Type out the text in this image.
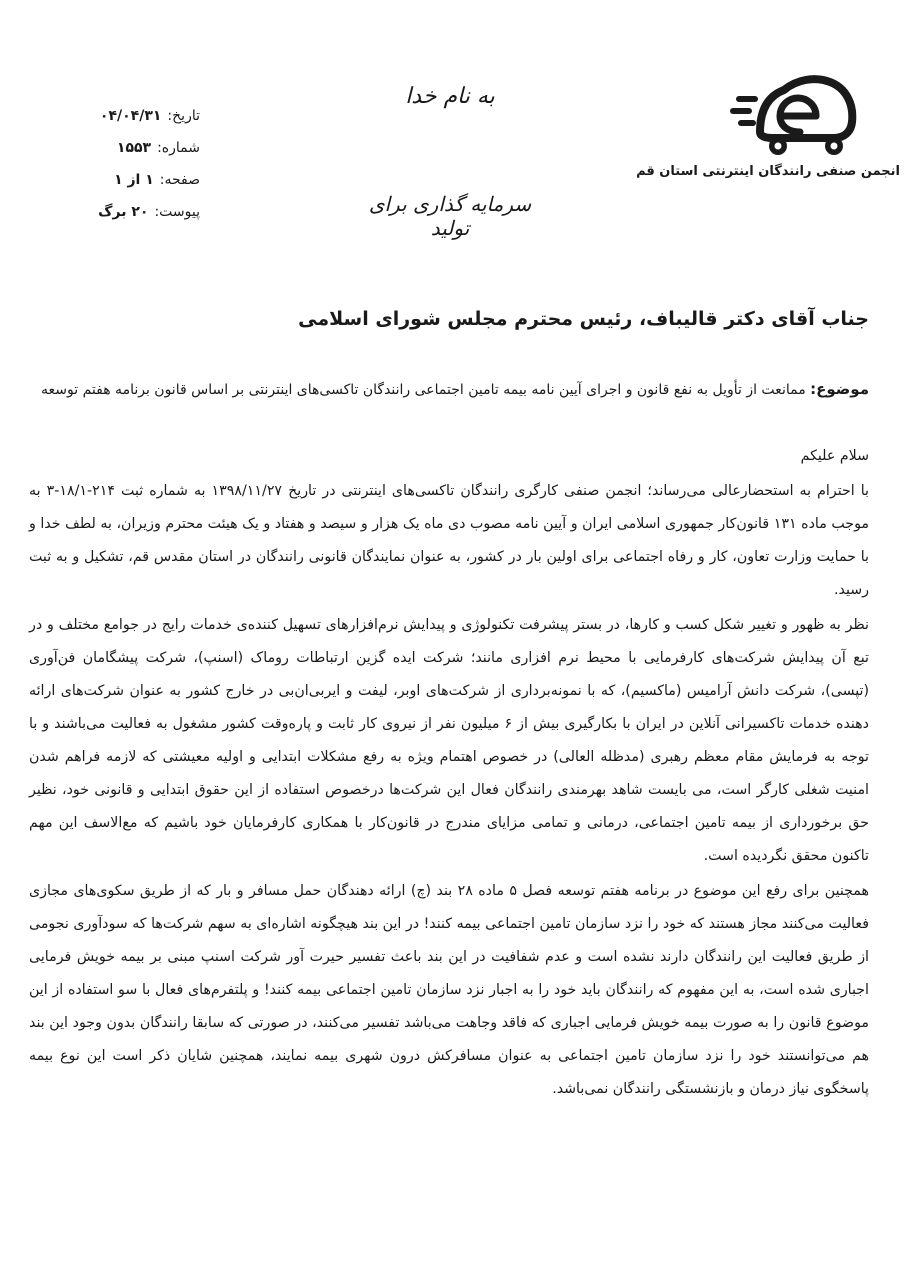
انجمن صنفی رانندگان اینترنتی استان قم
به نام خدا
سرمایه گذاری برای تولید
تاریخ:
۰۴/۰۴/۳۱
شماره:
۱۵۵۳
صفحه:
۱ از ۱
پیوست:
۲۰ برگ
جناب آقای دکتر قالیباف، رئیس محترم مجلس شورای اسلامی
موضوع: ممانعت از تأویل به نفع قانون و اجرای آیین نامه بیمه تامین اجتماعی رانندگان تاکسی‌های اینترنتی بر اساس قانون برنامه هفتم توسعه

سلام علیکم

با احترام به استحضارعالی می‌رساند؛ انجمن صنفی کارگری رانندگان تاکسی‌های اینترنتی در تاریخ ۱۳۹۸/۱۱/۲۷ به شماره ثبت ۲۱۴-۱۸/۱-۳ به موجب ماده ۱۳۱ قانون‌کار جمهوری اسلامی ایران و آیین نامه مصوب دی ماه یک هزار و سیصد و هفتاد و یک هیئت محترم وزیران، به لطف خدا و با حمایت وزارت تعاون، کار و رفاه اجتماعی برای اولین بار در کشور، به عنوان نمایندگان قانونی رانندگان در استان مقدس قم، تشکیل و به ثبت رسید.

نظر به ظهور و تغییر شکل کسب و کارها، در بستر پیشرفت تکنولوژی و پیدایش نرم‌افزارهای تسهیل کننده‌ی خدمات رایج در جوامع مختلف و در تبع آن پیدایش شرکت‌های کارفرمایی با محیط نرم افزاری مانند؛ شرکت ایده گزین ارتباطات روماک (اسنپ)، شرکت پیشگامان فن‌آوری (تپسی)، شرکت دانش آرامیس (ماکسیم)، که با نمونه‌برداری از شرکت‌های اوبر، لیفت و ایربی‌ان‌بی در خارج کشور به عنوان شرکت‌های ارائه دهنده خدمات تاکسیرانی آنلاین در ایران با بکارگیری بیش از ۶ میلیون نفر از نیروی کار ثابت و پاره‌وقت کشور مشغول به فعالیت می‌باشند و با توجه به فرمایش مقام معظم رهبری (مدظله العالی) در خصوص اهتمام ویژه به رفع مشکلات ابتدایی و اولیه معیشتی که لازمه فراهم شدن امنیت شغلی کارگر است، می بایست شاهد بهرمندی رانندگان فعال این شرکت‌ها درخصوص استفاده از این حقوق ابتدایی و قانونی خود، نظیر حق برخورداری از بیمه تامین اجتماعی، درمانی و تمامی مزایای مندرج در قانون‌کار با همکاری کارفرمایان خود باشیم که مع‌الاسف این مهم تاکنون محقق نگردیده است.

همچنین برای رفع این موضوع در برنامه هفتم توسعه فصل ۵ ماده ۲۸ بند (چ) ارائه دهندگان حمل مسافر و بار که از طریق سکوی‌های مجازی فعالیت می‌کنند مجاز هستند که خود را نزد سازمان تامین اجتماعی بیمه کنند! در این بند هیچگونه اشاره‌ای به سهم شرکت‌ها که سودآوری نجومی از طریق فعالیت این رانندگان دارند نشده است و عدم شفافیت در این بند باعث تفسیر حیرت آور شرکت اسنپ مبنی بر بیمه خویش فرمایی اجباری شده است، به این مفهوم که رانندگان باید خود را به اجبار نزد سازمان تامین اجتماعی بیمه کنند! و پلتفرم‌های فعال با سو استفاده از این موضوع قانون را به صورت بیمه خویش فرمایی اجباری که فاقد وجاهت می‌باشد تفسیر می‌کنند، در صورتی که سابقا رانندگان بدون وجود این بند هم می‌توانستند خود را نزد سازمان تامین اجتماعی به عنوان مسافرکش درون شهری بیمه نمایند، همچنین شایان ذکر است این نوع بیمه پاسخگوی نیاز درمان و بازنشستگی رانندگان نمی‌باشد.
